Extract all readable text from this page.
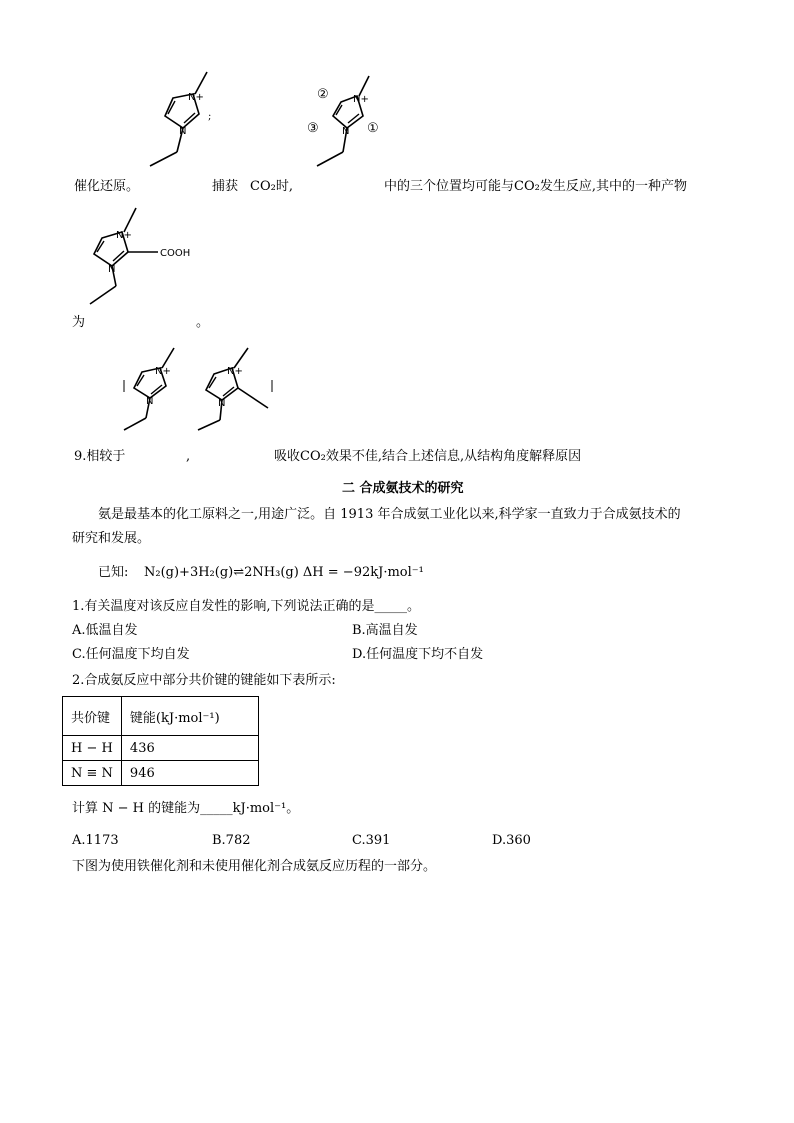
N+
N
;
N+
N
②
③	①
催化还原。	捕获 CO₂时,	中的三个位置均可能与CO₂发生反应,其中的一种产物
N+
N
COOH
为	。
N+
N
N+
N
9.相较于	,	吸收CO₂效果不佳,结合上述信息,从结构角度解释原因
二 合成氨技术的研究
氨是最基本的化工原料之一,用途广泛。自 1913 年合成氨工业化以来,科学家一直致力于合成氨技术的
研究和发展。
已知: N₂(g)+3H₂(g)⇌2NH₃(g) ΔH = −92kJ·mol⁻¹
1.有关温度对该反应自发性的影响,下列说法正确的是_____。
A.低温自发	B.高温自发
C.任何温度下均自发	D.任何温度下均不自发
2.合成氨反应中部分共价键的键能如下表所示:
共价键	键能(kJ·mol⁻¹)
H − H	436
N ≡ N	946
计算 N − H 的键能为_____kJ·mol⁻¹。
A.1173	B.782	C.391	D.360
下图为使用铁催化剂和未使用催化剂合成氨反应历程的一部分。
